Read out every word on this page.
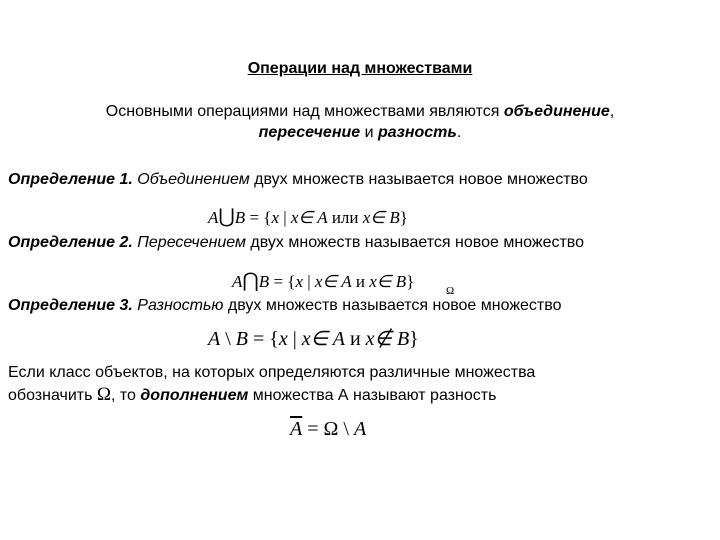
Операции над множествами
Основными операциями над множествами являются объединение,
пересечение и разность.
Определение 1. Объединением двух множеств называется новое множество
A⋃B = {x | x∈ A или x∈ B}
Определение 2. Пересечением двух множеств называется новое множество
A⋂B = {x | x∈ A и x∈ B}	Ω
Определение 3. Разностью двух множеств называется новое множество
A \ B = {x | x∈ A и x∉ B}
Если класс объектов, на которых определяются различные множества
обозначить Ω, то дополнением множества А называют разность
$\overline{A} = \Omega$ \ A
